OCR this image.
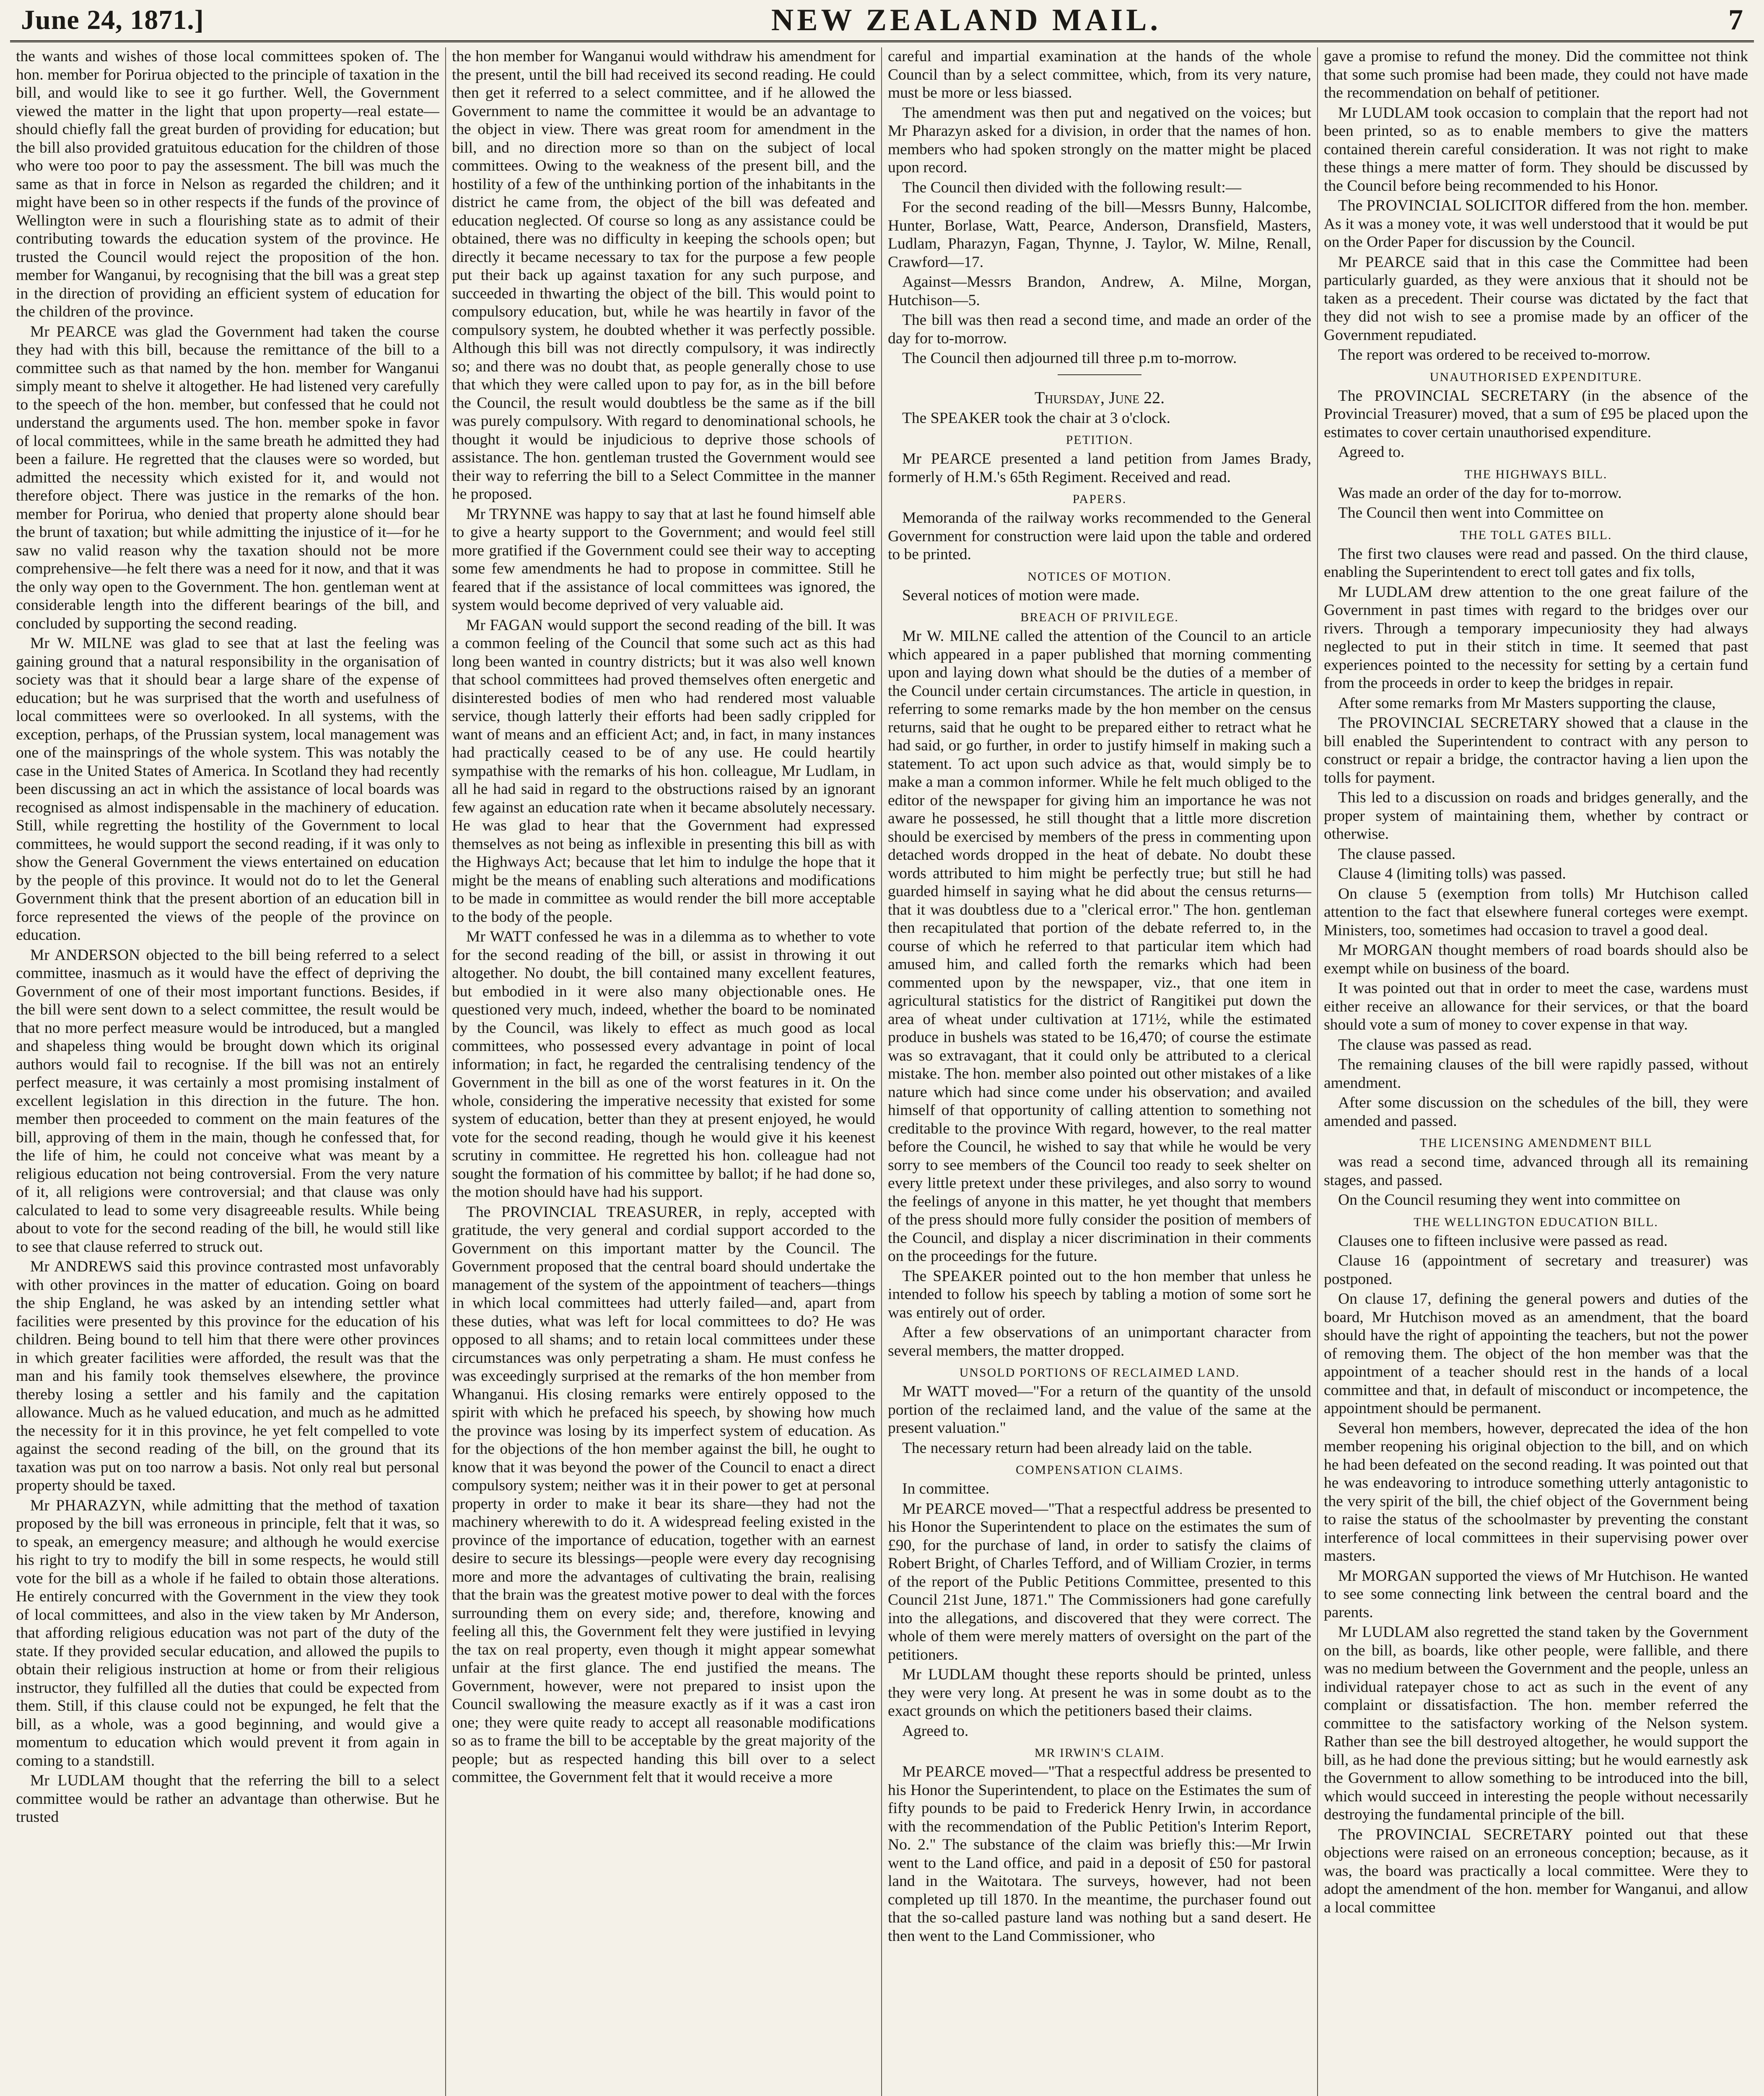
June 24, 1871.]	NEW ZEALAND MAIL.	7

the wants and wishes of those local committees spoken of. The hon. member for Porirua objected to the principle of taxation in the bill, and would like to see it go further. Well, the Government viewed the matter in the light that upon property—real estate—should chiefly fall the great burden of providing for education; but the bill also provided gratuitous education for the children of those who were too poor to pay the assessment. The bill was much the same as that in force in Nelson as regarded the children; and it might have been so in other respects if the funds of the province of Wellington were in such a flourishing state as to admit of their contributing towards the education system of the province. He trusted the Council would reject the proposition of the hon. member for Wanganui, by recognising that the bill was a great step in the direction of providing an efficient system of education for the children of the province.

Mr PEARCE was glad the Government had taken the course they had with this bill, because the remittance of the bill to a committee such as that named by the hon. member for Wanganui simply meant to shelve it altogether. He had listened very carefully to the speech of the hon. member, but confessed that he could not understand the arguments used. The hon. member spoke in favor of local committees, while in the same breath he admitted they had been a failure. He regretted that the clauses were so worded, but admitted the necessity which existed for it, and would not therefore object. There was justice in the remarks of the hon. member for Porirua, who denied that property alone should bear the brunt of taxation; but while admitting the injustice of it—for he saw no valid reason why the taxation should not be more comprehensive—he felt there was a need for it now, and that it was the only way open to the Government. The hon. gentleman went at considerable length into the different bearings of the bill, and concluded by supporting the second reading.

Mr W. MILNE was glad to see that at last the feeling was gaining ground that a natural responsibility in the organisation of society was that it should bear a large share of the expense of education; but he was surprised that the worth and usefulness of local committees were so overlooked. In all systems, with the exception, perhaps, of the Prussian system, local management was one of the mainsprings of the whole system. This was notably the case in the United States of America. In Scotland they had recently been discussing an act in which the assistance of local boards was recognised as almost indispensable in the machinery of education. Still, while regretting the hostility of the Government to local committees, he would support the second reading, if it was only to show the General Government the views entertained on education by the people of this province. It would not do to let the General Government think that the present abortion of an education bill in force represented the views of the people of the province on education.

Mr ANDERSON objected to the bill being referred to a select committee, inasmuch as it would have the effect of depriving the Government of one of their most important functions. Besides, if the bill were sent down to a select committee, the result would be that no more perfect measure would be introduced, but a mangled and shapeless thing would be brought down which its original authors would fail to recognise. If the bill was not an entirely perfect measure, it was certainly a most promising instalment of excellent legislation in this direction in the future. The hon. member then proceeded to comment on the main features of the bill, approving of them in the main, though he confessed that, for the life of him, he could not conceive what was meant by a religious education not being controversial. From the very nature of it, all religions were controversial; and that clause was only calculated to lead to some very disagreeable results. While being about to vote for the second reading of the bill, he would still like to see that clause referred to struck out.

Mr ANDREWS said this province contrasted most unfavorably with other provinces in the matter of education. Going on board the ship England, he was asked by an intending settler what facilities were presented by this province for the education of his children. Being bound to tell him that there were other provinces in which greater facilities were afforded, the result was that the man and his family took themselves elsewhere, the province thereby losing a settler and his family and the capitation allowance. Much as he valued education, and much as he admitted the necessity for it in this province, he yet felt compelled to vote against the second reading of the bill, on the ground that its taxation was put on too narrow a basis. Not only real but personal property should be taxed.

Mr PHARAZYN, while admitting that the method of taxation proposed by the bill was erroneous in principle, felt that it was, so to speak, an emergency measure; and although he would exercise his right to try to modify the bill in some respects, he would still vote for the bill as a whole if he failed to obtain those alterations. He entirely concurred with the Government in the view they took of local committees, and also in the view taken by Mr Anderson, that affording religious education was not part of the duty of the state. If they provided secular education, and allowed the pupils to obtain their religious instruction at home or from their religious instructor, they fulfilled all the duties that could be expected from them. Still, if this clause could not be expunged, he felt that the bill, as a whole, was a good beginning, and would give a momentum to education which would prevent it from again in coming to a standstill.

Mr LUDLAM thought that the referring the bill to a select committee would be rather an advantage than otherwise. But he trusted

the hon member for Wanganui would withdraw his amendment for the present, until the bill had received its second reading. He could then get it referred to a select committee, and if he allowed the Government to name the committee it would be an advantage to the object in view. There was great room for amendment in the bill, and no direction more so than on the subject of local committees. Owing to the weakness of the present bill, and the hostility of a few of the unthinking portion of the inhabitants in the district he came from, the object of the bill was defeated and education neglected. Of course so long as any assistance could be obtained, there was no difficulty in keeping the schools open; but directly it became necessary to tax for the purpose a few people put their back up against taxation for any such purpose, and succeeded in thwarting the object of the bill. This would point to compulsory education, but, while he was heartily in favor of the compulsory system, he doubted whether it was perfectly possible. Although this bill was not directly compulsory, it was indirectly so; and there was no doubt that, as people generally chose to use that which they were called upon to pay for, as in the bill before the Council, the result would doubtless be the same as if the bill was purely compulsory. With regard to denominational schools, he thought it would be injudicious to deprive those schools of assistance. The hon. gentleman trusted the Government would see their way to referring the bill to a Select Committee in the manner he proposed.

Mr TRYNNE was happy to say that at last he found himself able to give a hearty support to the Government; and would feel still more gratified if the Government could see their way to accepting some few amendments he had to propose in committee. Still he feared that if the assistance of local committees was ignored, the system would become deprived of very valuable aid.

Mr FAGAN would support the second reading of the bill. It was a common feeling of the Council that some such act as this had long been wanted in country districts; but it was also well known that school committees had proved themselves often energetic and disinterested bodies of men who had rendered most valuable service, though latterly their efforts had been sadly crippled for want of means and an efficient Act; and, in fact, in many instances had practically ceased to be of any use. He could heartily sympathise with the remarks of his hon. colleague, Mr Ludlam, in all he had said in regard to the obstructions raised by an ignorant few against an education rate when it became absolutely necessary. He was glad to hear that the Government had expressed themselves as not being as inflexible in presenting this bill as with the Highways Act; because that let him to indulge the hope that it might be the means of enabling such alterations and modifications to be made in committee as would render the bill more acceptable to the body of the people.

Mr WATT confessed he was in a dilemma as to whether to vote for the second reading of the bill, or assist in throwing it out altogether. No doubt, the bill contained many excellent features, but embodied in it were also many objectionable ones. He questioned very much, indeed, whether the board to be nominated by the Council, was likely to effect as much good as local committees, who possessed every advantage in point of local information; in fact, he regarded the centralising tendency of the Government in the bill as one of the worst features in it. On the whole, considering the imperative necessity that existed for some system of education, better than they at present enjoyed, he would vote for the second reading, though he would give it his keenest scrutiny in committee. He regretted his hon. colleague had not sought the formation of his committee by ballot; if he had done so, the motion should have had his support.

The PROVINCIAL TREASURER, in reply, accepted with gratitude, the very general and cordial support accorded to the Government on this important matter by the Council. The Government proposed that the central board should undertake the management of the system of the appointment of teachers—things in which local committees had utterly failed—and, apart from these duties, what was left for local committees to do? He was opposed to all shams; and to retain local committees under these circumstances was only perpetrating a sham. He must confess he was exceedingly surprised at the remarks of the hon member from Whanganui. His closing remarks were entirely opposed to the spirit with which he prefaced his speech, by showing how much the province was losing by its imperfect system of education. As for the objections of the hon member against the bill, he ought to know that it was beyond the power of the Council to enact a direct compulsory system; neither was it in their power to get at personal property in order to make it bear its share—they had not the machinery wherewith to do it. A widespread feeling existed in the province of the importance of education, together with an earnest desire to secure its blessings—people were every day recognising more and more the advantages of cultivating the brain, realising that the brain was the greatest motive power to deal with the forces surrounding them on every side; and, therefore, knowing and feeling all this, the Government felt they were justified in levying the tax on real property, even though it might appear somewhat unfair at the first glance. The end justified the means. The Government, however, were not prepared to insist upon the Council swallowing the measure exactly as if it was a cast iron one; they were quite ready to accept all reasonable modifications so as to frame the bill to be acceptable by the great majority of the people; but as respected handing this bill over to a select committee, the Government felt that it would receive a more

careful and impartial examination at the hands of the whole Council than by a select committee, which, from its very nature, must be more or less biassed.

The amendment was then put and negatived on the voices; but Mr Pharazyn asked for a division, in order that the names of hon. members who had spoken strongly on the matter might be placed upon record.

The Council then divided with the following result:—

For the second reading of the bill—Messrs Bunny, Halcombe, Hunter, Borlase, Watt, Pearce, Anderson, Dransfield, Masters, Ludlam, Pharazyn, Fagan, Thynne, J. Taylor, W. Milne, Renall, Crawford—17.

Against—Messrs Brandon, Andrew, A. Milne, Morgan, Hutchison—5.

The bill was then read a second time, and made an order of the day for to-morrow.

The Council then adjourned till three p.m to-morrow.

Thursday, June 22.

The SPEAKER took the chair at 3 o'clock.

PETITION.

Mr PEARCE presented a land petition from James Brady, formerly of H.M.'s 65th Regiment. Received and read.

PAPERS.

Memoranda of the railway works recommended to the General Government for construction were laid upon the table and ordered to be printed.

NOTICES OF MOTION.

Several notices of motion were made.

BREACH OF PRIVILEGE.

Mr W. MILNE called the attention of the Council to an article which appeared in a paper published that morning commenting upon and laying down what should be the duties of a member of the Council under certain circumstances. The article in question, in referring to some remarks made by the hon member on the census returns, said that he ought to be prepared either to retract what he had said, or go further, in order to justify himself in making such a statement. To act upon such advice as that, would simply be to make a man a common informer. While he felt much obliged to the editor of the newspaper for giving him an importance he was not aware he possessed, he still thought that a little more discretion should be exercised by members of the press in commenting upon detached words dropped in the heat of debate. No doubt these words attributed to him might be perfectly true; but still he had guarded himself in saying what he did about the census returns—that it was doubtless due to a "clerical error." The hon. gentleman then recapitulated that portion of the debate referred to, in the course of which he referred to that particular item which had amused him, and called forth the remarks which had been commented upon by the newspaper, viz., that one item in agricultural statistics for the district of Rangitikei put down the area of wheat under cultivation at 171½, while the estimated produce in bushels was stated to be 16,470; of course the estimate was so extravagant, that it could only be attributed to a clerical mistake. The hon. member also pointed out other mistakes of a like nature which had since come under his observation; and availed himself of that opportunity of calling attention to something not creditable to the province With regard, however, to the real matter before the Council, he wished to say that while he would be very sorry to see members of the Council too ready to seek shelter on every little pretext under these privileges, and also sorry to wound the feelings of anyone in this matter, he yet thought that members of the press should more fully consider the position of members of the Council, and display a nicer discrimination in their comments on the proceedings for the future.

The SPEAKER pointed out to the hon member that unless he intended to follow his speech by tabling a motion of some sort he was entirely out of order.

After a few observations of an unimportant character from several members, the matter dropped.

UNSOLD PORTIONS OF RECLAIMED LAND.

Mr WATT moved—"For a return of the quantity of the unsold portion of the reclaimed land, and the value of the same at the present valuation."

The necessary return had been already laid on the table.

COMPENSATION CLAIMS.

In committee.

Mr PEARCE moved—"That a respectful address be presented to his Honor the Superintendent to place on the estimates the sum of £90, for the purchase of land, in order to satisfy the claims of Robert Bright, of Charles Tefford, and of William Crozier, in terms of the report of the Public Petitions Committee, presented to this Council 21st June, 1871." The Commissioners had gone carefully into the allegations, and discovered that they were correct. The whole of them were merely matters of oversight on the part of the petitioners.

Mr LUDLAM thought these reports should be printed, unless they were very long. At present he was in some doubt as to the exact grounds on which the petitioners based their claims.

Agreed to.

MR IRWIN'S CLAIM.

Mr PEARCE moved—"That a respectful address be presented to his Honor the Superintendent, to place on the Estimates the sum of fifty pounds to be paid to Frederick Henry Irwin, in accordance with the recommendation of the Public Petition's Interim Report, No. 2." The substance of the claim was briefly this:—Mr Irwin went to the Land office, and paid in a deposit of £50 for pastoral land in the Waitotara. The surveys, however, had not been completed up till 1870. In the meantime, the purchaser found out that the so-called pasture land was nothing but a sand desert. He then went to the Land Commissioner, who

gave a promise to refund the money. Did the committee not think that some such promise had been made, they could not have made the recommendation on behalf of petitioner.

Mr LUDLAM took occasion to complain that the report had not been printed, so as to enable members to give the matters contained therein careful consideration. It was not right to make these things a mere matter of form. They should be discussed by the Council before being recommended to his Honor.

The PROVINCIAL SOLICITOR differed from the hon. member. As it was a money vote, it was well understood that it would be put on the Order Paper for discussion by the Council.

Mr PEARCE said that in this case the Committee had been particularly guarded, as they were anxious that it should not be taken as a precedent. Their course was dictated by the fact that they did not wish to see a promise made by an officer of the Government repudiated.

The report was ordered to be received to-morrow.

UNAUTHORISED EXPENDITURE.

The PROVINCIAL SECRETARY (in the absence of the Provincial Treasurer) moved, that a sum of £95 be placed upon the estimates to cover certain unauthorised expenditure.

Agreed to.

THE HIGHWAYS BILL.

Was made an order of the day for to-morrow.

The Council then went into Committee on

THE TOLL GATES BILL.

The first two clauses were read and passed. On the third clause, enabling the Superintendent to erect toll gates and fix tolls,

Mr LUDLAM drew attention to the one great failure of the Government in past times with regard to the bridges over our rivers. Through a temporary impecuniosity they had always neglected to put in their stitch in time. It seemed that past experiences pointed to the necessity for setting by a certain fund from the proceeds in order to keep the bridges in repair.

After some remarks from Mr Masters supporting the clause,

The PROVINCIAL SECRETARY showed that a clause in the bill enabled the Superintendent to contract with any person to construct or repair a bridge, the contractor having a lien upon the tolls for payment.

This led to a discussion on roads and bridges generally, and the proper system of maintaining them, whether by contract or otherwise.

The clause passed.

Clause 4 (limiting tolls) was passed.

On clause 5 (exemption from tolls) Mr Hutchison called attention to the fact that elsewhere funeral corteges were exempt. Ministers, too, sometimes had occasion to travel a good deal.

Mr MORGAN thought members of road boards should also be exempt while on business of the board.

It was pointed out that in order to meet the case, wardens must either receive an allowance for their services, or that the board should vote a sum of money to cover expense in that way.

The clause was passed as read.

The remaining clauses of the bill were rapidly passed, without amendment.

After some discussion on the schedules of the bill, they were amended and passed.

THE LICENSING AMENDMENT BILL

was read a second time, advanced through all its remaining stages, and passed.

On the Council resuming they went into committee on

THE WELLINGTON EDUCATION BILL.

Clauses one to fifteen inclusive were passed as read.

Clause 16 (appointment of secretary and treasurer) was postponed.

On clause 17, defining the general powers and duties of the board, Mr Hutchison moved as an amendment, that the board should have the right of appointing the teachers, but not the power of removing them. The object of the hon member was that the appointment of a teacher should rest in the hands of a local committee and that, in default of misconduct or incompetence, the appointment should be permanent.

Several hon members, however, deprecated the idea of the hon member reopening his original objection to the bill, and on which he had been defeated on the second reading. It was pointed out that he was endeavoring to introduce something utterly antagonistic to the very spirit of the bill, the chief object of the Government being to raise the status of the schoolmaster by preventing the constant interference of local committees in their supervising power over masters.

Mr MORGAN supported the views of Mr Hutchison. He wanted to see some connecting link between the central board and the parents.

Mr LUDLAM also regretted the stand taken by the Government on the bill, as boards, like other people, were fallible, and there was no medium between the Government and the people, unless an individual ratepayer chose to act as such in the event of any complaint or dissatisfaction. The hon. member referred the committee to the satisfactory working of the Nelson system. Rather than see the bill destroyed altogether, he would support the bill, as he had done the previous sitting; but he would earnestly ask the Government to allow something to be introduced into the bill, which would succeed in interesting the people without necessarily destroying the fundamental principle of the bill.

The PROVINCIAL SECRETARY pointed out that these objections were raised on an erroneous conception; because, as it was, the board was practically a local committee. Were they to adopt the amendment of the hon. member for Wanganui, and allow a local committee
